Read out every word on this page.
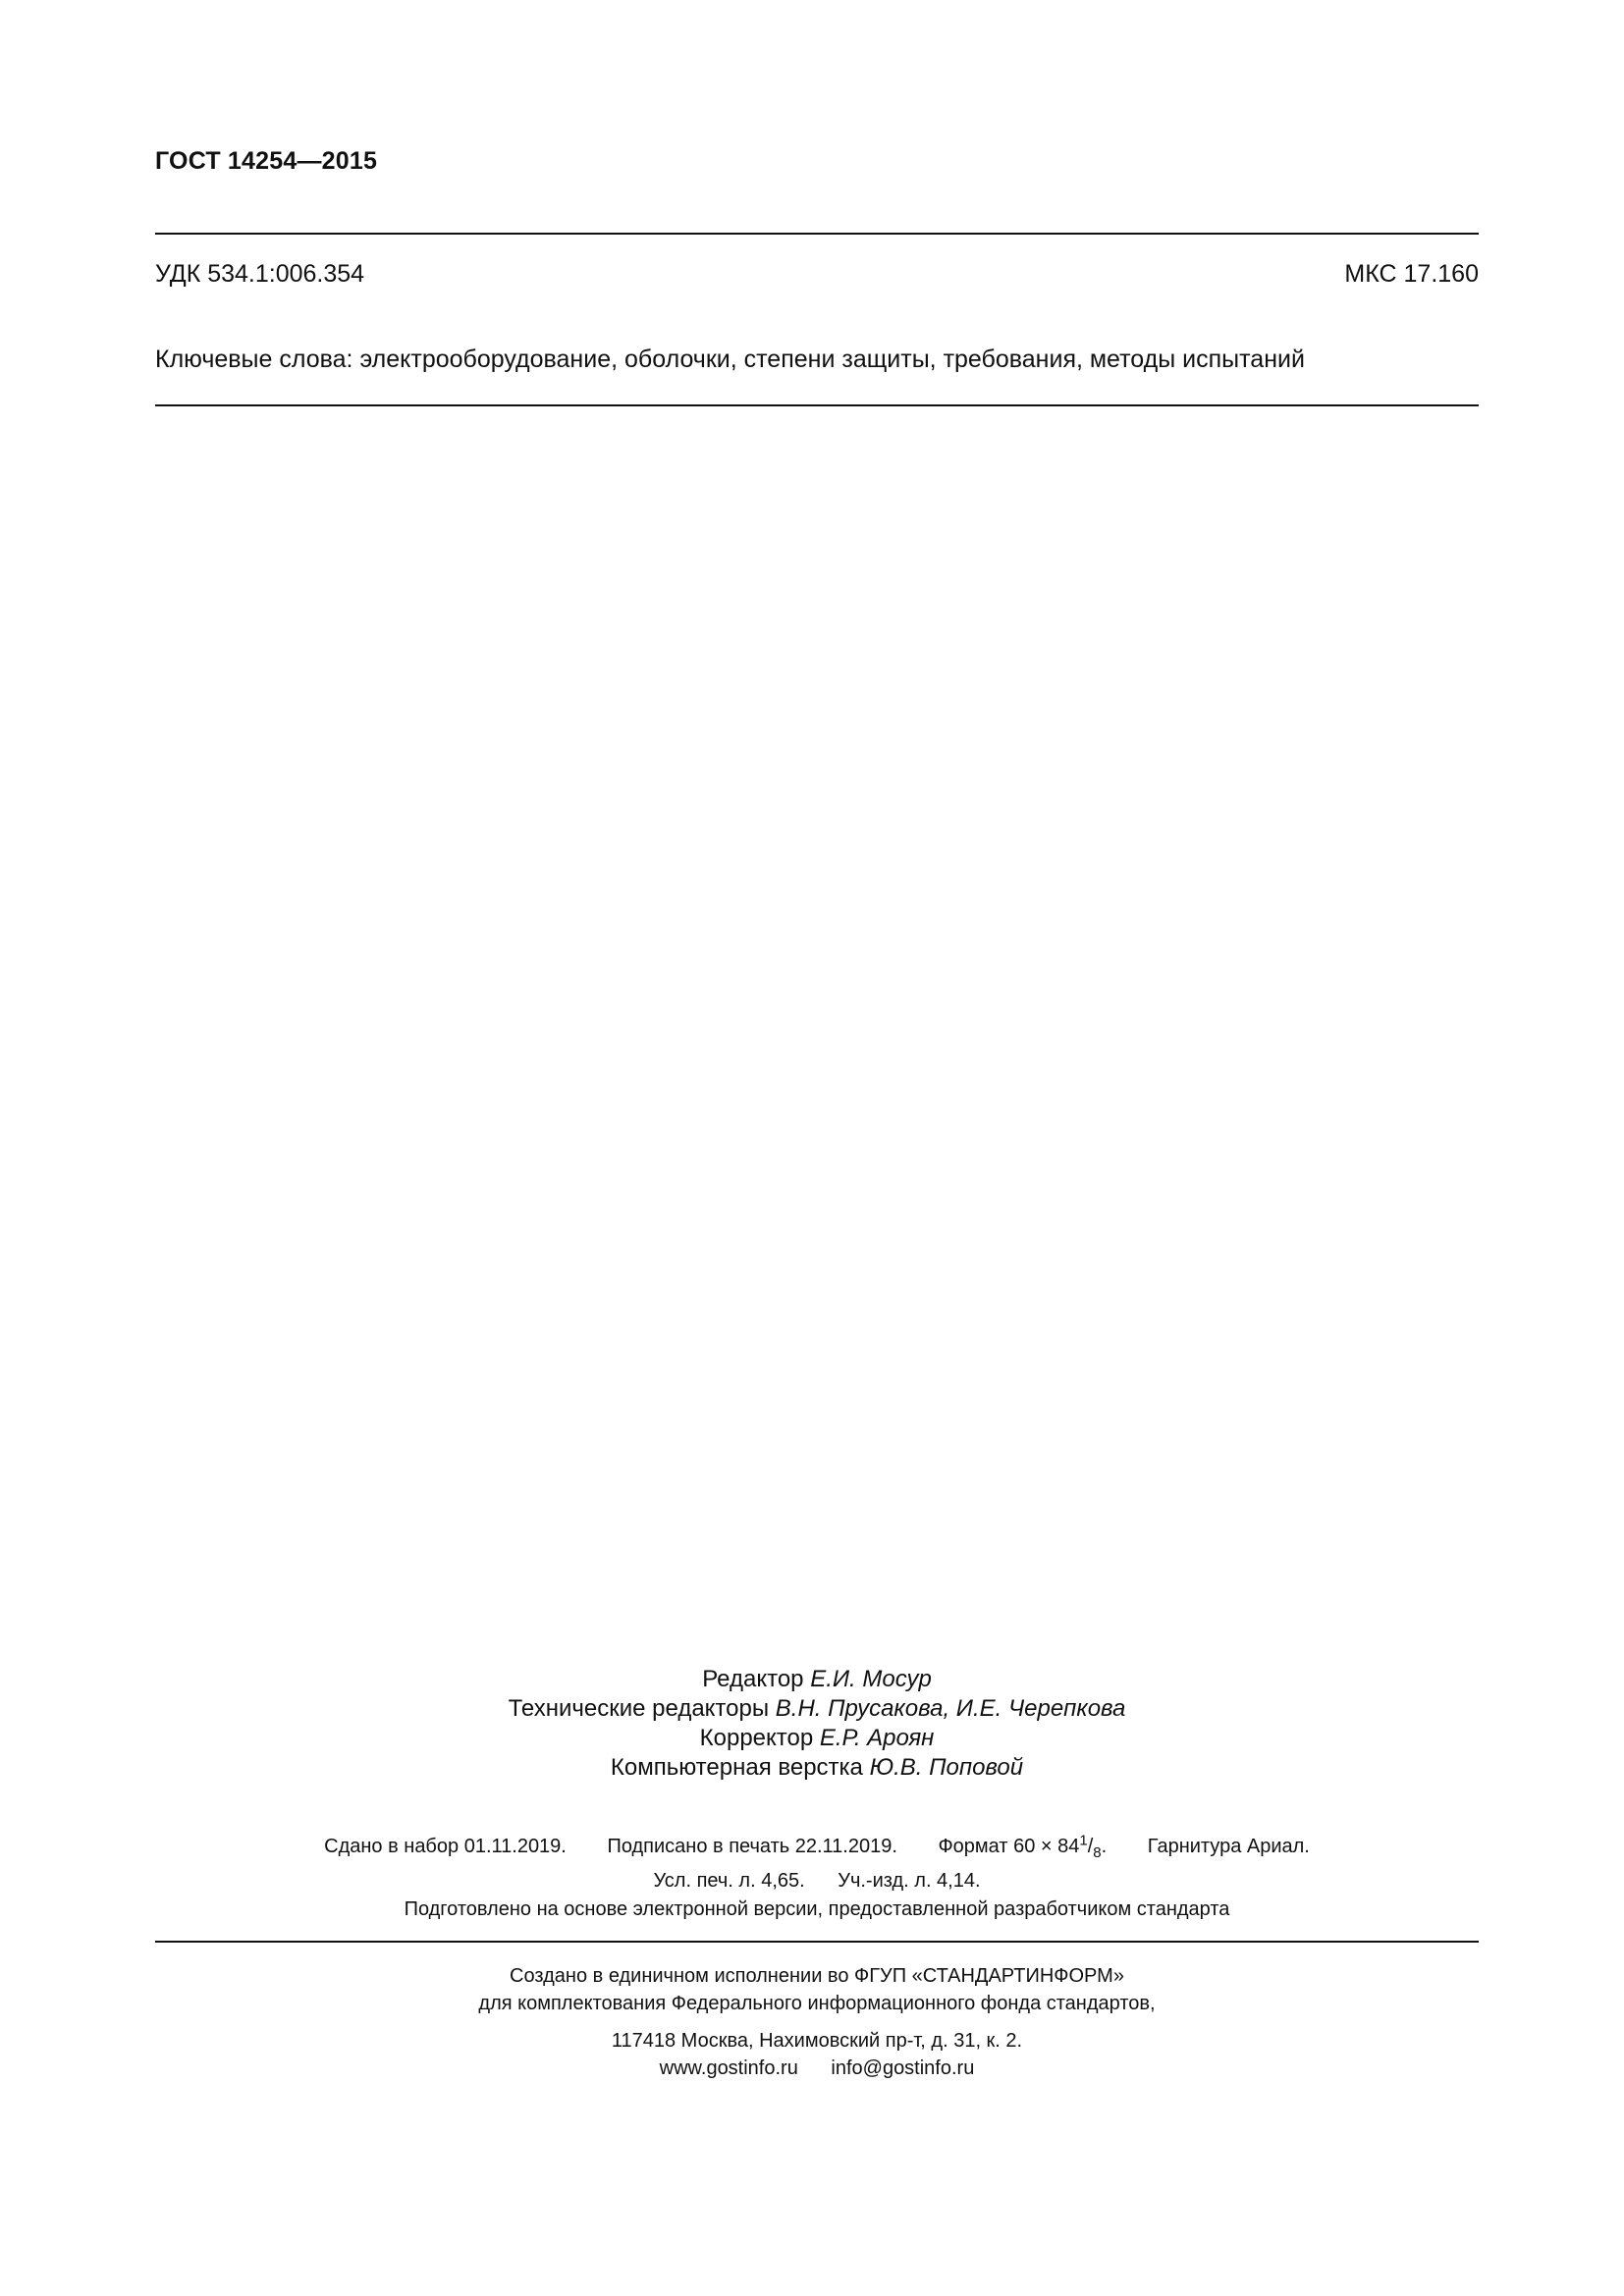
ГОСТ 14254—2015
УДК 534.1:006.354	МКС 17.160
Ключевые слова: электрооборудование, оболочки, степени защиты, требования, методы испытаний
Редактор Е.И. Мосур
Технические редакторы В.Н. Прусакова, И.Е. Черепкова
Корректор Е.Р. Ароян
Компьютерная верстка Ю.В. Поповой
Сдано в набор 01.11.2019. Подписано в печать 22.11.2019. Формат $60 \times 84^1/_8$. Гарнитура Ариал.
Усл. печ. л. 4,65. Уч.-изд. л. 4,14.
Подготовлено на основе электронной версии, предоставленной разработчиком стандарта
Создано в единичном исполнении во ФГУП «СТАНДАРТИНФОРМ»
для комплектования Федерального информационного фонда стандартов,
117418 Москва, Нахимовский пр-т, д. 31, к. 2.
www.gostinfo.ru info@gostinfo.ru
